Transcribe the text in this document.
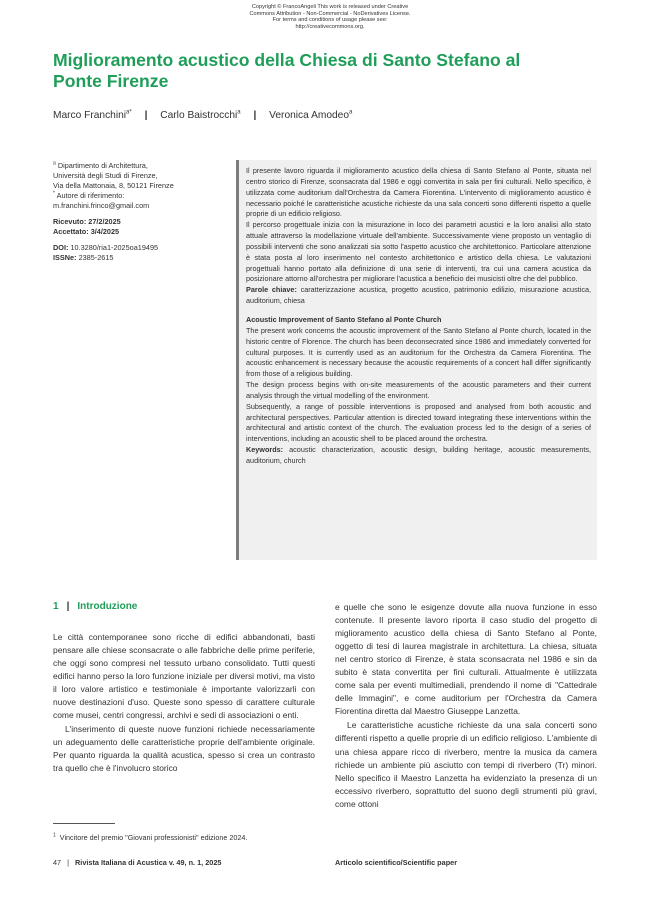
Copyright © FrancoAngeli This work is released under Creative
Commons Attribution - Non-Commercial - NoDerivatives License.
For terms and conditions of usage please see:
http://creativecommons.org.
Miglioramento acustico della Chiesa di Santo Stefano al Ponte Firenze
Marco Franchini$^{a*}$ | Carlo Baistrocchi$^a$ | Veronica Amodeo$^a$
$^a$ Dipartimento di Architettura,
Università degli Studi di Firenze,
Via della Mattonaia, 8, 50121 Firenze
* Autore di riferimento:
m.franchini.frinco@gmail.com
Ricevuto: 27/2/2025
Accettato: 3/4/2025
DOI: 10.3280/ria1-2025oa19495
ISSNe: 2385-2615

Il presente lavoro riguarda il miglioramento acustico della chiesa di Santo Stefano al Ponte, situata nel centro storico di Firenze, sconsacrata dal 1986 e oggi convertita in sala per fini culturali. Nello specifico, è utilizzata come auditorium dall'Orchestra da Camera Fiorentina. L'intervento di miglioramento acustico è necessario poiché le caratteristiche acustiche richieste da una sala concerti sono differenti rispetto a quelle proprie di un edificio religioso.

Il percorso progettuale inizia con la misurazione in loco dei parametri acustici e la loro analisi allo stato attuale attraverso la modellazione virtuale dell'ambiente. Successivamente viene proposto un ventaglio di possibili interventi che sono analizzati sia sotto l'aspetto acustico che architettonico. Particolare attenzione è stata posta al loro inserimento nel contesto architettonico e artistico della chiesa. Le valutazioni progettuali hanno portato alla definizione di una serie di interventi, tra cui una camera acustica da posizionare attorno all'orchestra per migliorare l'acustica a beneficio dei musicisti oltre che del pubblico.

Parole chiave: caratterizzazione acustica, progetto acustico, patrimonio edilizio, misurazione acustica, auditorium, chiesa

Acoustic Improvement of Santo Stefano al Ponte Church

The present work concerns the acoustic improvement of the Santo Stefano al Ponte church, located in the historic centre of Florence. The church has been deconsecrated since 1986 and immediately converted for cultural purposes. It is currently used as an auditorium for the Orchestra da Camera Fiorentina. The acoustic enhancement is necessary because the acoustic requirements of a concert hall differ significantly from those of a religious building.

The design process begins with on-site measurements of the acoustic parameters and their current analysis through the virtual modelling of the environment.

Subsequently, a range of possible interventions is proposed and analysed from both acoustic and architectural perspectives. Particular attention is directed toward integrating these interventions within the architectural and artistic context of the church. The evaluation process led to the design of a series of interventions, including an acoustic shell to be placed around the orchestra.

Keywords: acoustic characterization, acoustic design, building heritage, acoustic measurements, auditorium, church

1 | Introduzione

Le città contemporanee sono ricche di edifici abbandonati, basti pensare alle chiese sconsacrate o alle fabbriche delle prime periferie, che oggi sono compresi nel tessuto urbano consolidato. Tutti questi edifici hanno perso la loro funzione iniziale per diversi motivi, ma visto il loro valore artistico e testimoniale è importante valorizzarli con nuove destinazioni d'uso. Queste sono spesso di carattere culturale come musei, centri congressi, archivi e sedi di associazioni o enti.

L'inserimento di queste nuove funzioni richiede necessariamente un adeguamento delle caratteristiche proprie dell'ambiente originale. Per quanto riguarda la qualità acustica, spesso si crea un contrasto tra quello che è l'involucro storico

e quelle che sono le esigenze dovute alla nuova funzione in esso contenute. Il presente lavoro riporta il caso studio del progetto di miglioramento acustico della chiesa di Santo Stefano al Ponte, oggetto di tesi di laurea magistrale in architettura. La chiesa, situata nel centro storico di Firenze, è stata sconsacrata nel 1986 e sin da subito è stata convertita per fini culturali. Attualmente è utilizzata come sala per eventi multimediali, prendendo il nome di "Cattedrale delle Immagini", e come auditorium per l'Orchestra da Camera Fiorentina diretta dal Maestro Giuseppe Lanzetta.

Le caratteristiche acustiche richieste da una sala concerti sono differenti rispetto a quelle proprie di un edificio religioso. L'ambiente di una chiesa appare ricco di riverbero, mentre la musica da camera richiede un ambiente più asciutto con tempi di riverbero (Tr) minori. Nello specifico il Maestro Lanzetta ha evidenziato la presenza di un eccessivo riverbero, soprattutto del suono degli strumenti più gravi, come ottoni

$^1$ Vincitore del premio "Giovani professionisti" edizione 2024.
47 | Rivista Italiana di Acustica v. 49, n. 1, 2025	Articolo scientifico/Scientific paper
